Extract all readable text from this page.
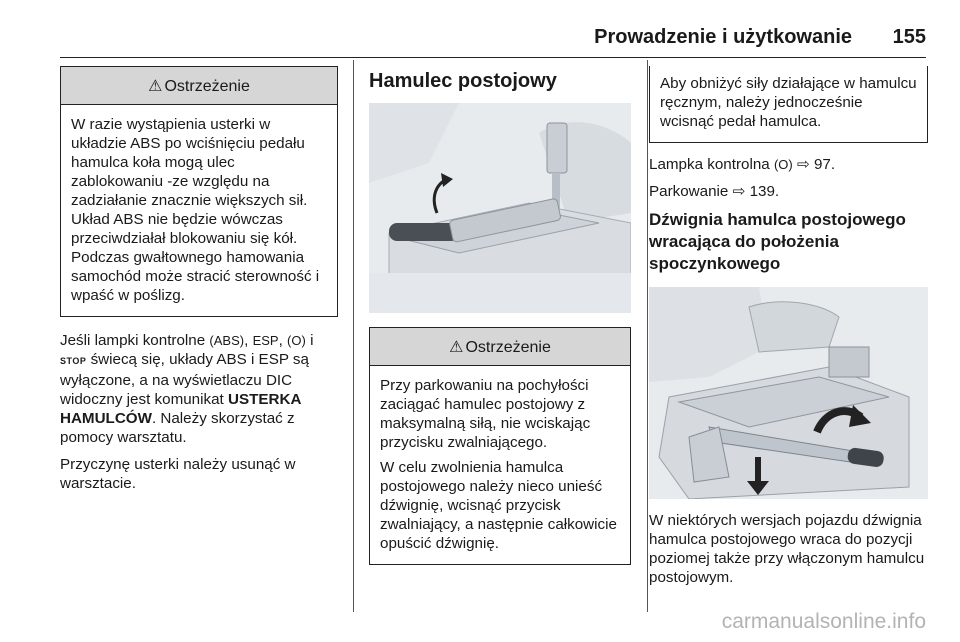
Prowadzenie i użytkowanie 155
⚠ Ostrzeżenie

W razie wystąpienia usterki w układzie ABS po wciśnięciu pedału hamulca koła mogą ulec zablokowaniu -ze względu na zadziałanie znacznie większych sił. Układ ABS nie będzie wówczas przeciwdziałał blokowaniu się kół. Podczas gwałtownego hamowania samochód może stracić sterowność i wpaść w poślizg.

Jeśli lampki kontrolne (ABS), ESP, (O) i STOP świecą się, układy ABS i ESP są wyłączone, a na wyświetlaczu DIC widoczny jest komunikat USTERKA HAMULCÓW. Należy skorzystać z pomocy warsztatu.

Przyczynę usterki należy usunąć w warsztacie.

Hamulec postojowy
⚠ Ostrzeżenie

Przy parkowaniu na pochyłości zaciągać hamulec postojowy z maksymalną siłą, nie wciskając przycisku zwalniającego.

W celu zwolnienia hamulca postojowego należy nieco unieść dźwignię, wcisnąć przycisk zwalniający, a następnie całkowicie opuścić dźwignię.

Aby obniżyć siły działające w hamulcu ręcznym, należy jednocześnie wcisnąć pedał hamulca.

Lampka kontrolna (O) ⇨ 97.

Parkowanie ⇨ 139.

Dźwignia hamulca postojowego wracająca do położenia spoczynkowego

W niektórych wersjach pojazdu dźwignia hamulca postojowego wraca do pozycji poziomej także przy włączonym hamulcu postojowym.

carmanualsonline.info
